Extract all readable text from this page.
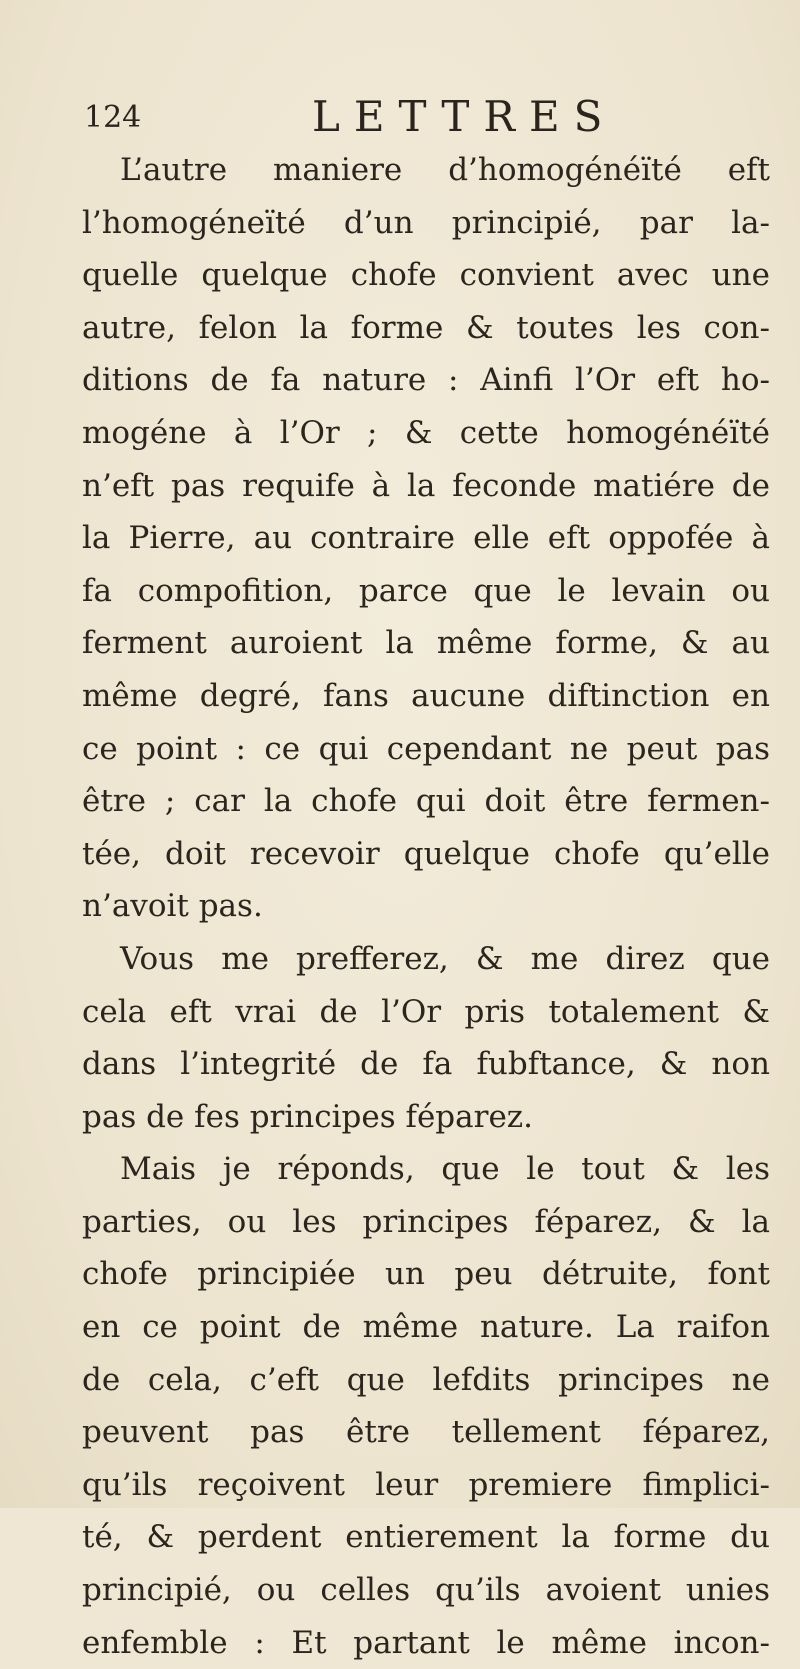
124	LETTRES
L’autre maniere d’homogénéïté eft
l’homogéneïté d’un principié, par la-
quelle quelque chofe convient avec une
autre, felon la forme & toutes les con-
ditions de fa nature : Ainfi l’Or eft ho-
mogéne à l’Or ; & cette homogénéïté
n’eft pas requife à la feconde matiére de
la Pierre, au contraire elle eft oppofée à
fa compofition, parce que le levain ou
ferment auroient la même forme, & au
même degré, fans aucune diftinction en
ce point : ce qui cependant ne peut pas
être ; car la chofe qui doit être fermen-
tée, doit recevoir quelque chofe qu’elle
n’avoit pas.
Vous me prefferez, & me direz que
cela eft vrai de l’Or pris totalement &
dans l’integrité de fa fubftance, & non
pas de fes principes féparez.
Mais je réponds, que le tout & les
parties, ou les principes féparez, & la
chofe principiée un peu détruite, font
en ce point de même nature. La raifon
de cela, c’eft que lefdits principes ne
peuvent pas être tellement féparez,
qu’ils reçoivent leur premiere fimplici-
té, & perdent entierement la forme du
principié, ou celles qu’ils avoient unies
enfemble : Et partant le même incon-
